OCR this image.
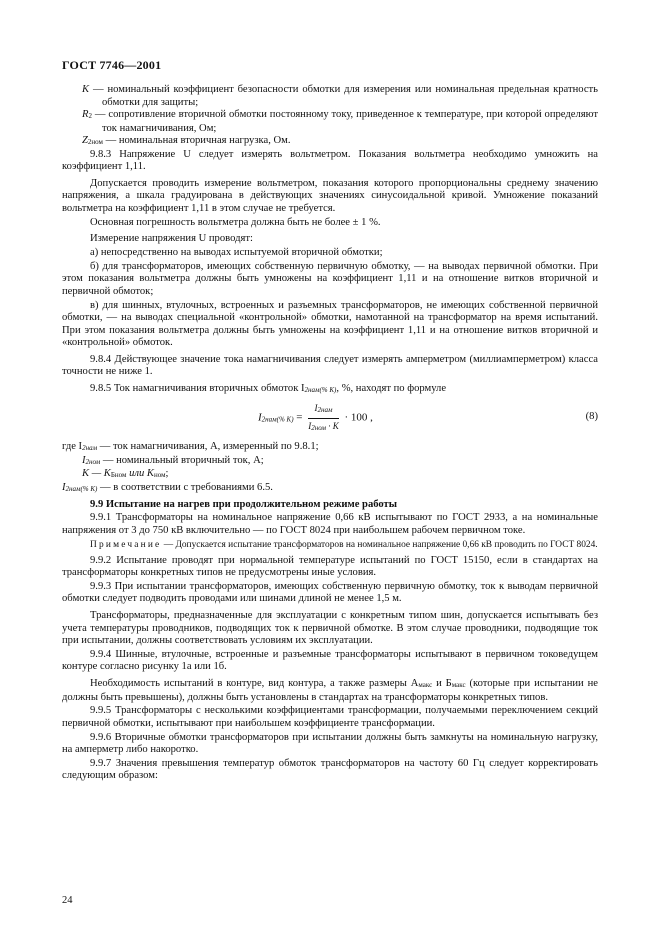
ГОСТ 7746—2001

K — номинальный коэффициент безопасности обмотки для измерения или номинальная предельная кратность обмотки для защиты;

R2 — сопротивление вторичной обмотки постоянному току, приведенное к температуре, при которой определяют ток намагничивания, Ом;

Z2ном — номинальная вторичная нагрузка, Ом.

9.8.3 Напряжение U следует измерять вольтметром. Показания вольтметра необходимо умножить на коэффициент 1,11.

Допускается проводить измерение вольтметром, показания которого пропорциональны среднему значению напряжения, а шкала градуирована в действующих значениях синусоидальной кривой. Умножение показаний вольтметра на коэффициент 1,11 в этом случае не требуется.

Основная погрешность вольтметра должна быть не более ± 1 %.

Измерение напряжения U проводят:

а) непосредственно на выводах испытуемой вторичной обмотки;

б) для трансформаторов, имеющих собственную первичную обмотку, — на выводах первичной обмотки. При этом показания вольтметра должны быть умножены на коэффициент 1,11 и на отношение витков вторичной и первичной обмоток;

в) для шинных, втулочных, встроенных и разъемных трансформаторов, не имеющих собственной первичной обмотки, — на выводах специальной «контрольной» обмотки, намотанной на трансформатор на время испытаний. При этом показания вольтметра должны быть умножены на коэффициент 1,11 и на отношение витков вторичной и «контрольной» обмоток.

9.8.4 Действующее значение тока намагничивания следует измерять амперметром (миллиамперметром) класса точности не ниже 1.

9.8.5 Ток намагничивания вторичных обмоток I2нам(% K), %, находят по формуле

I2нам(% $K) = \frac{\text{I2нам}}{\text{I2ном · K}} \cdot 100$ ,	(8)

где I2нам — ток намагничивания, А, измеренный по 9.8.1;

I2ном — номинальный вторичный ток, А;

K — KБном или Kном;

I2нам(% K) — в соответствии с требованиями 6.5.

9.9 Испытание на нагрев при продолжительном режиме работы

9.9.1 Трансформаторы на номинальное напряжение 0,66 кВ испытывают по ГОСТ 2933, а на номинальные напряжения от 3 до 750 кВ включительно — по ГОСТ 8024 при наибольшем рабочем первичном токе.

Примечание — Допускается испытание трансформаторов на номинальное напряжение 0,66 кВ проводить по ГОСТ 8024.

9.9.2 Испытание проводят при нормальной температуре испытаний по ГОСТ 15150, если в стандартах на трансформаторы конкретных типов не предусмотрены иные условия.

9.9.3 При испытании трансформаторов, имеющих собственную первичную обмотку, ток к выводам первичной обмотки следует подводить проводами или шинами длиной не менее 1,5 м.

Трансформаторы, предназначенные для эксплуатации с конкретным типом шин, допускается испытывать без учета температуры проводников, подводящих ток к первичной обмотке. В этом случае проводники, подводящие ток при испытании, должны соответствовать условиям их эксплуатации.

9.9.4 Шинные, втулочные, встроенные и разъемные трансформаторы испытывают в первичном токоведущем контуре согласно рисунку 1а или 1б.

Необходимость испытаний в контуре, вид контура, а также размеры Aмакс и Бмакс (которые при испытании не должны быть превышены), должны быть установлены в стандартах на трансформаторы конкретных типов.

9.9.5 Трансформаторы с несколькими коэффициентами трансформации, получаемыми переключением секций первичной обмотки, испытывают при наибольшем коэффициенте трансформации.

9.9.6 Вторичные обмотки трансформаторов при испытании должны быть замкнуты на номинальную нагрузку, на амперметр либо накоротко.

9.9.7 Значения превышения температур обмоток трансформаторов на частоту 60 Гц следует корректировать следующим образом:

24
